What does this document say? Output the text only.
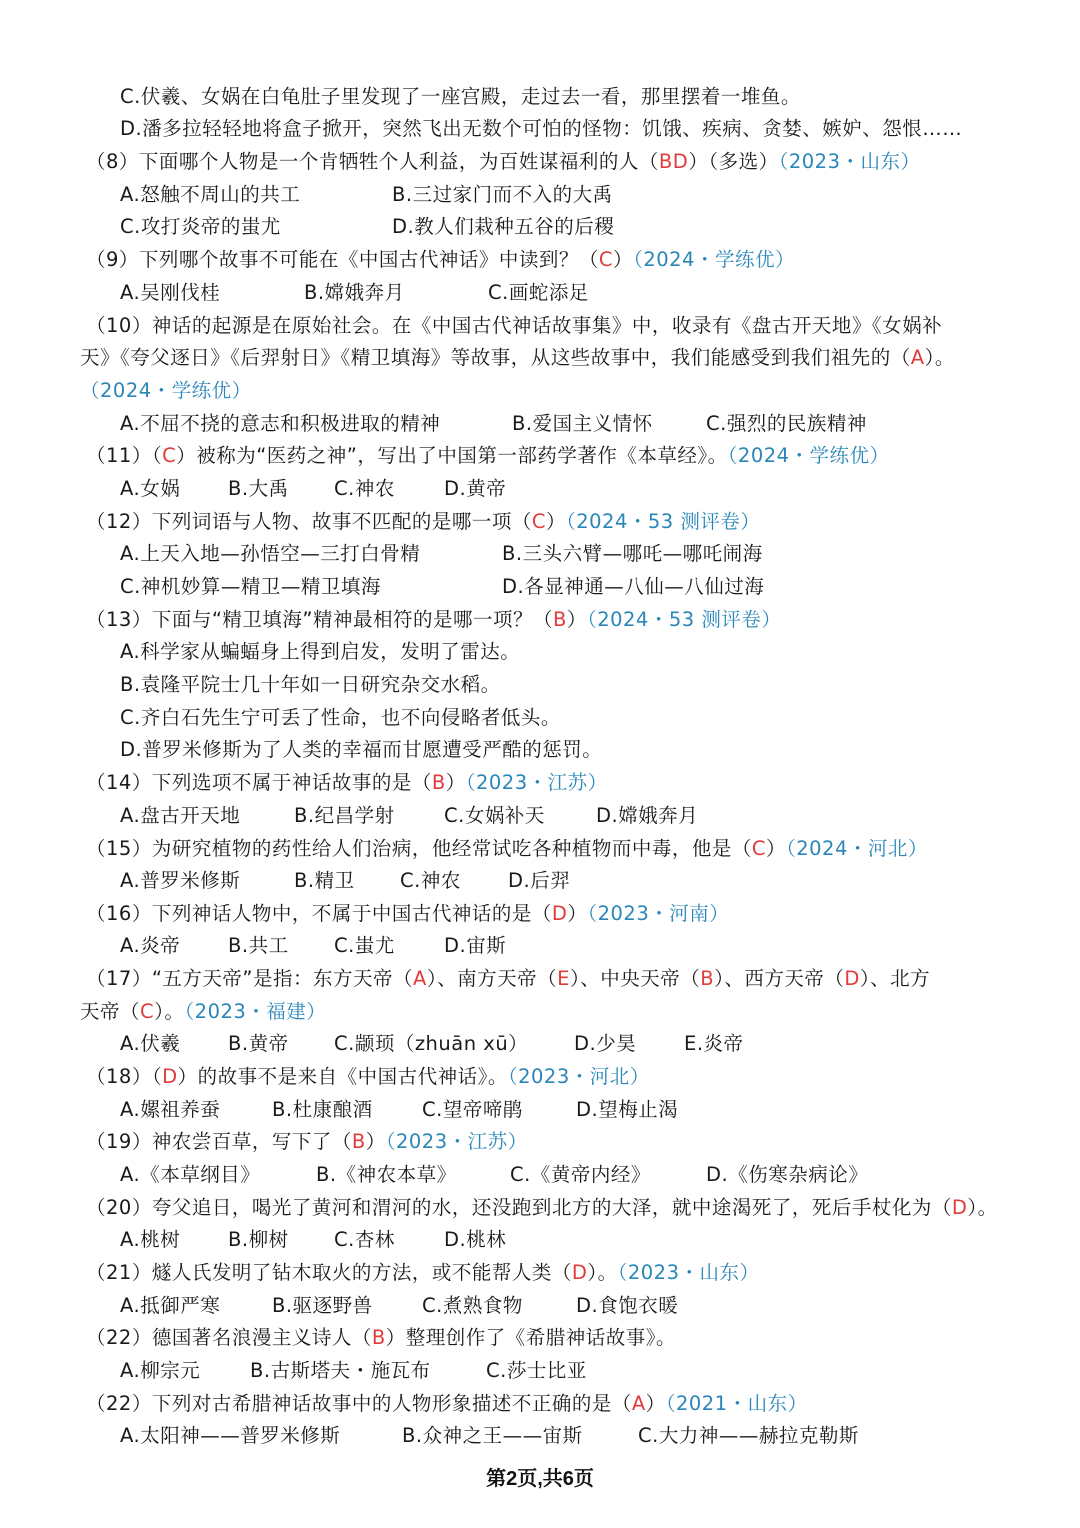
C.伏羲、女娲在白龟肚子里发现了一座宫殿，走过去一看，那里摆着一堆鱼。
D.潘多拉轻轻地将盒子掀开，突然飞出无数个可怕的怪物：饥饿、疾病、贪婪、嫉妒、怨恨……
（8）下面哪个人物是一个肯牺牲个人利益，为百姓谋福利的人（BD）（多选）（2023・山东）
A.怒触不周山的共工	B.三过家门而不入的大禹
C.攻打炎帝的蚩尤	D.教人们栽种五谷的后稷
（9）下列哪个故事不可能在《中国古代神话》中读到？（C）（2024・学练优）
A.吴刚伐桂	B.嫦娥奔月	C.画蛇添足
（10）神话的起源是在原始社会。在《中国古代神话故事集》中，收录有《盘古开天地》《女娲补
天》《夸父逐日》《后羿射日》《精卫填海》等故事，从这些故事中，我们能感受到我们祖先的（A）。
（2024・学练优）
A.不屈不挠的意志和积极进取的精神	B.爱国主义情怀	C.强烈的民族精神
（11）（C）被称为“医药之神”，写出了中国第一部药学著作《本草经》。（2024・学练优）
A.女娲 B.大禹 C.神农	D.黄帝
（12）下列词语与人物、故事不匹配的是哪一项（C）（2024・53 测评卷）
A.上天入地—孙悟空—三打白骨精	B.三头六臂—哪吒—哪吒闹海
C.神机妙算—精卫—精卫填海	D.各显神通—八仙—八仙过海
（13）下面与“精卫填海”精神最相符的是哪一项？（B）（2024・53 测评卷）
A.科学家从蝙蝠身上得到启发，发明了雷达。
B.袁隆平院士几十年如一日研究杂交水稻。
C.齐白石先生宁可丢了性命，也不向侵略者低头。
D.普罗米修斯为了人类的幸福而甘愿遭受严酷的惩罚。
（14）下列选项不属于神话故事的是（B）（2023・江苏）
A.盘古开天地	B.纪昌学射	C.女娲补天	D.嫦娥奔月
（15）为研究植物的药性给人们治病，他经常试吃各种植物而中毒，他是（C）（2024・河北）
A.普罗米修斯	B.精卫 C.神农 D.后羿
（16）下列神话人物中，不属于中国古代神话的是（D）（2023・河南）
A.炎帝 B.共工 C.蚩尤	D.宙斯
（17）“五方天帝”是指：东方天帝（A）、南方天帝（E）、中央天帝（B）、西方天帝（D）、北方
天帝（C）。（2023・福建）
A.伏羲 B.黄帝 C.颛顼（zhuān xū） D.少昊 E.炎帝
（18）（D）的故事不是来自《中国古代神话》。（2023・河北）
A.嫘祖养蚕	B.杜康酿酒	C.望帝啼鹃	D.望梅止渴
（19）神农尝百草，写下了（B）（2023・江苏）
A.《本草纲目》	B.《神农本草》	C.《黄帝内经》	D.《伤寒杂病论》
（20）夸父追日，喝光了黄河和渭河的水，还没跑到北方的大泽，就中途渴死了，死后手杖化为（D）。
A.桃树 B.柳树 C.杏林	D.桃林
（21）燧人氏发明了钻木取火的方法，或不能帮人类（D）。（2023・山东）
A.抵御严寒	B.驱逐野兽	C.煮熟食物	D.食饱衣暖
（22）德国著名浪漫主义诗人（B）整理创作了《希腊神话故事》。
A.柳宗元	B.古斯塔夫・施瓦布	C.莎士比亚
（22）下列对古希腊神话故事中的人物形象描述不正确的是（A）（2021・山东）
A.太阳神——普罗米修斯	B.众神之王——宙斯	C.大力神——赫拉克勒斯
第2页,共6页
